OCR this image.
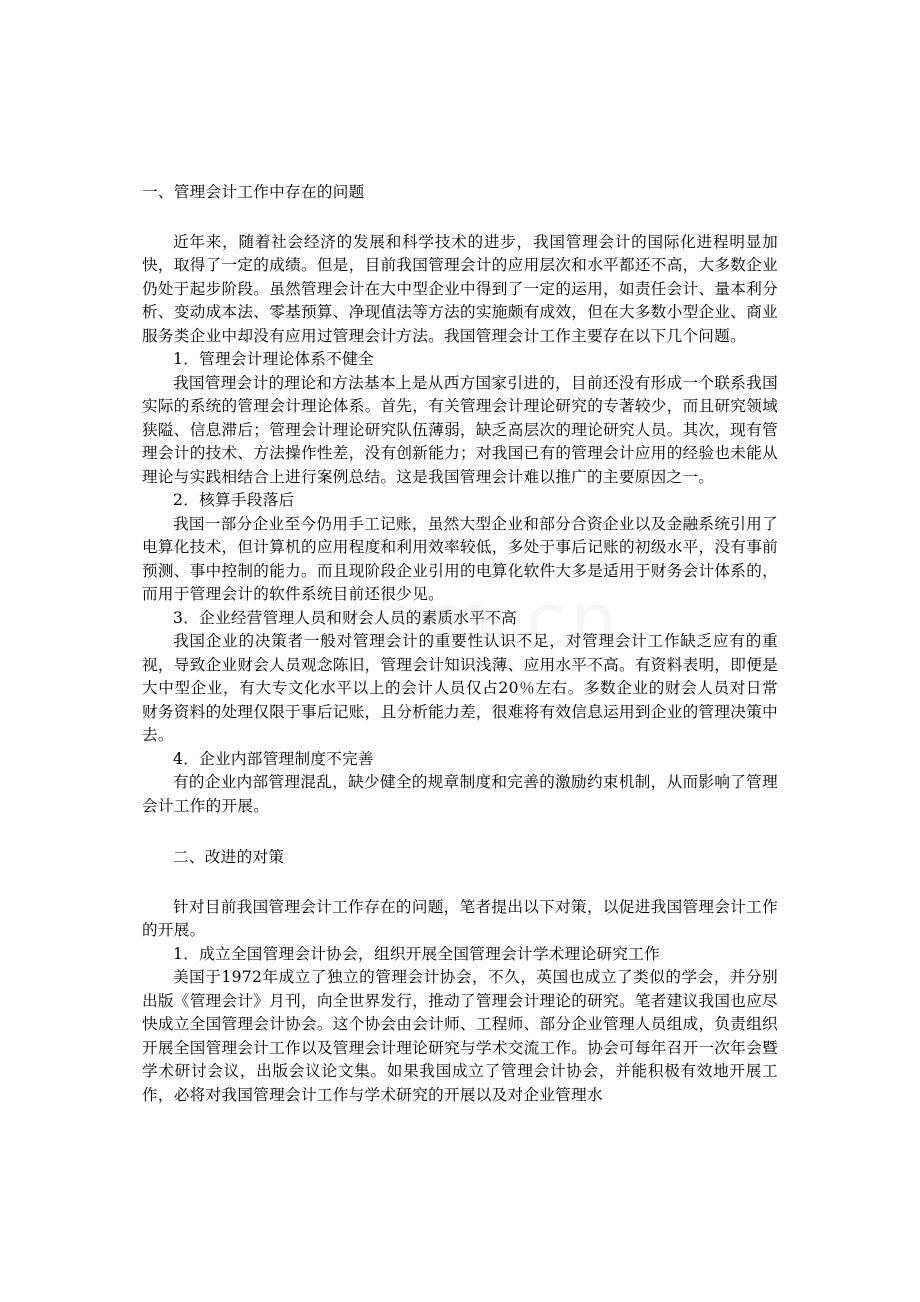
一、管理会计工作中存在的问题

近年来，随着社会经济的发展和科学技术的进步，我国管理会计的国际化进程明显加快，取得了一定的成绩。但是，目前我国管理会计的应用层次和水平都还不高，大多数企业仍处于起步阶段。虽然管理会计在大中型企业中得到了一定的运用，如责任会计、量本利分析、变动成本法、零基预算、净现值法等方法的实施颇有成效，但在大多数小型企业、商业服务类企业中却没有应用过管理会计方法。我国管理会计工作主要存在以下几个问题。

1．管理会计理论体系不健全

我国管理会计的理论和方法基本上是从西方国家引进的，目前还没有形成一个联系我国实际的系统的管理会计理论体系。首先，有关管理会计理论研究的专著较少，而且研究领域狭隘、信息滞后；管理会计理论研究队伍薄弱，缺乏高层次的理论研究人员。其次，现有管理会计的技术、方法操作性差，没有创新能力；对我国已有的管理会计应用的经验也未能从理论与实践相结合上进行案例总结。这是我国管理会计难以推广的主要原因之一。

2．核算手段落后

我国一部分企业至今仍用手工记账，虽然大型企业和部分合资企业以及金融系统引用了电算化技术，但计算机的应用程度和利用效率较低，多处于事后记账的初级水平，没有事前预测、事中控制的能力。而且现阶段企业引用的电算化软件大多是适用于财务会计体系的，而用于管理会计的软件系统目前还很少见。

3．企业经营管理人员和财会人员的素质水平不高

我国企业的决策者一般对管理会计的重要性认识不足，对管理会计工作缺乏应有的重视，导致企业财会人员观念陈旧，管理会计知识浅薄、应用水平不高。有资料表明，即便是大中型企业，有大专文化水平以上的会计人员仅占20％左右。多数企业的财会人员对日常财务资料的处理仅限于事后记账，且分析能力差，很难将有效信息运用到企业的管理决策中去。

4．企业内部管理制度不完善

有的企业内部管理混乱，缺少健全的规章制度和完善的激励约束机制，从而影响了管理会计工作的开展。

二、改进的对策

针对目前我国管理会计工作存在的问题，笔者提出以下对策，以促进我国管理会计工作的开展。

1．成立全国管理会计协会，组织开展全国管理会计学术理论研究工作

美国于1972年成立了独立的管理会计协会，不久，英国也成立了类似的学会，并分别出版《管理会计》月刊，向全世界发行，推动了管理会计理论的研究。笔者建议我国也应尽快成立全国管理会计协会。这个协会由会计师、工程师、部分企业管理人员组成，负责组织开展全国管理会计工作以及管理会计理论研究与学术交流工作。协会可每年召开一次年会暨学术研讨会议，出版会议论文集。如果我国成立了管理会计协会，并能积极有效地开展工作，必将对我国管理会计工作与学术研究的开展以及对企业管理水
